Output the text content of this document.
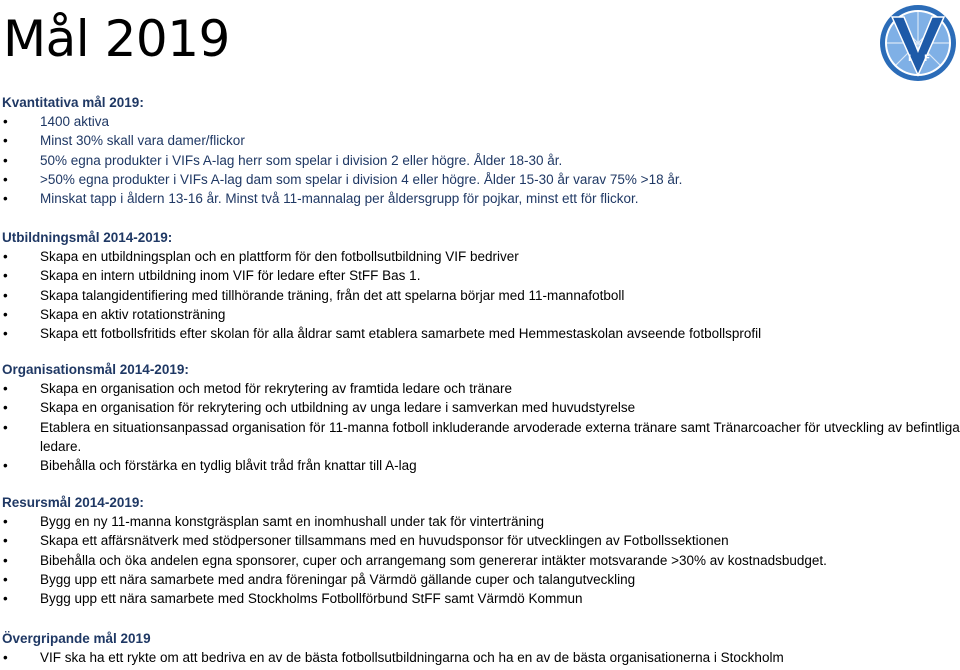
Mål 2019	I F
Kvantitativa mål 2019:
• 1400 aktiva
• Minst 30% skall vara damer/flickor
• 50% egna produkter i VIFs A-lag herr som spelar i division 2 eller högre. Ålder 18-30 år.
• >50% egna produkter i VIFs A-lag dam som spelar i division 4 eller högre. Ålder 15-30 år varav 75% >18 år.
• Minskat tapp i åldern 13-16 år. Minst två 11-mannalag per åldersgrupp för pojkar, minst ett för flickor.
Utbildningsmål 2014-2019:
• Skapa en utbildningsplan och en plattform för den fotbollsutbildning VIF bedriver
• Skapa en intern utbildning inom VIF för ledare efter StFF Bas 1.
• Skapa talangidentifiering med tillhörande träning, från det att spelarna börjar med 11-mannafotboll
• Skapa en aktiv rotationsträning
• Skapa ett fotbollsfritids efter skolan för alla åldrar samt etablera samarbete med Hemmestaskolan avseende fotbollsprofil
Organisationsmål 2014-2019:
• Skapa en organisation och metod för rekrytering av framtida ledare och tränare
• Skapa en organisation för rekrytering och utbildning av unga ledare i samverkan med huvudstyrelse
• Etablera en situationsanpassad organisation för 11-manna fotboll inkluderande arvoderade externa tränare samt Tränarcoacher för utveckling av befintliga ledare.
• Bibehålla och förstärka en tydlig blåvit tråd från knattar till A-lag
Resursmål 2014-2019:
• Bygg en ny 11-manna konstgräsplan samt en inomhushall under tak för vinterträning
• Skapa ett affärsnätverk med stödpersoner tillsammans med en huvudsponsor för utvecklingen av Fotbollssektionen
• Bibehålla och öka andelen egna sponsorer, cuper och arrangemang som genererar intäkter motsvarande >30% av kostnadsbudget.
• Bygg upp ett nära samarbete med andra föreningar på Värmdö gällande cuper och talangutveckling
• Bygg upp ett nära samarbete med Stockholms Fotbollförbund StFF samt Värmdö Kommun
Övergripande mål 2019
• VIF ska ha ett rykte om att bedriva en av de bästa fotbollsutbildningarna och ha en av de bästa organisationerna i Stockholm
